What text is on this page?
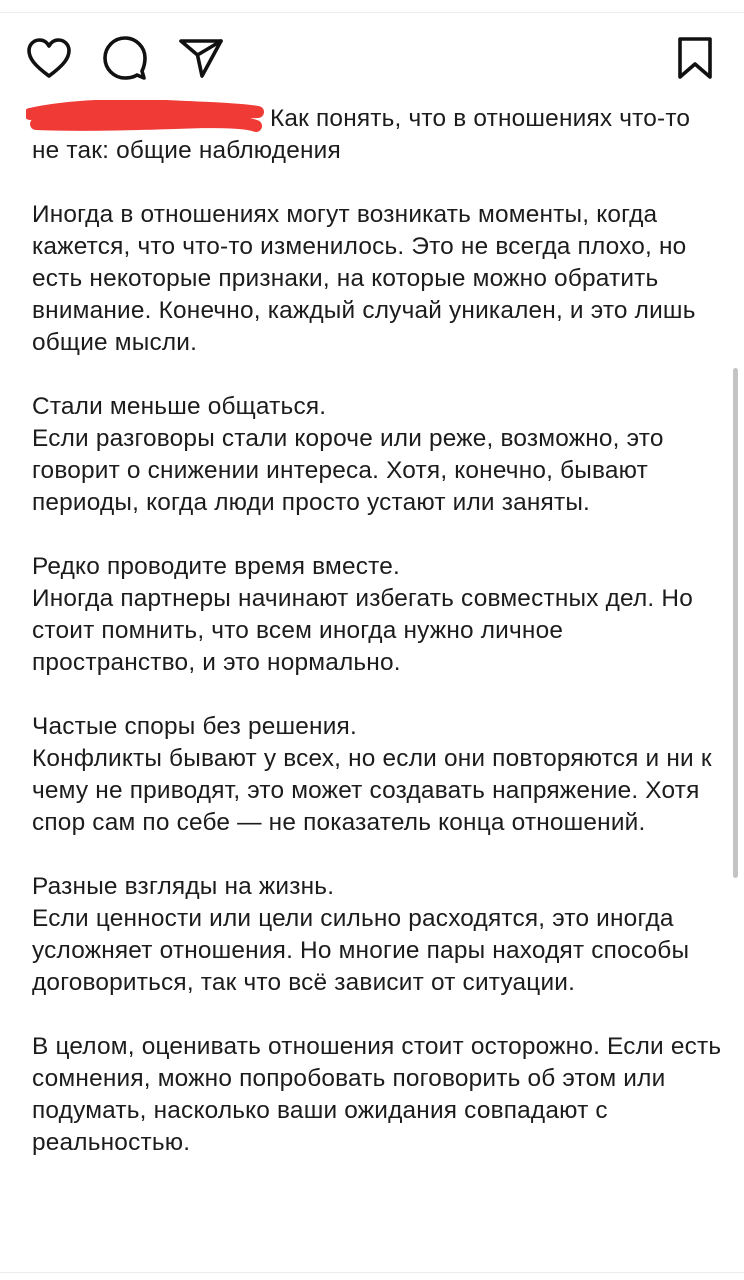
ame	Как понять, что в отношениях что-то не так: общие наблюдения

Иногда в отношениях могут возникать моменты, когда кажется, что что-то изменилось. Это не всегда плохо, но есть некоторые признаки, на которые можно обратить внимание. Конечно, каждый случай уникален, и это лишь общие мысли.

Стали меньше общаться.

Если разговоры стали короче или реже, возможно, это говорит о снижении интереса. Хотя, конечно, бывают периоды, когда люди просто устают или заняты.

Редко проводите время вместе.

Иногда партнеры начинают избегать совместных дел. Но стоит помнить, что всем иногда нужно личное пространство, и это нормально.

Частые споры без решения.

Конфликты бывают у всех, но если они повторяются и ни к чему не приводят, это может создавать напряжение. Хотя спор сам по себе — не показатель конца отношений.

Разные взгляды на жизнь.

Если ценности или цели сильно расходятся, это иногда усложняет отношения. Но многие пары находят способы договориться, так что всё зависит от ситуации.

В целом, оценивать отношения стоит осторожно. Если есть сомнения, можно попробовать поговорить об этом или подумать, насколько ваши ожидания совпадают с реальностью.
